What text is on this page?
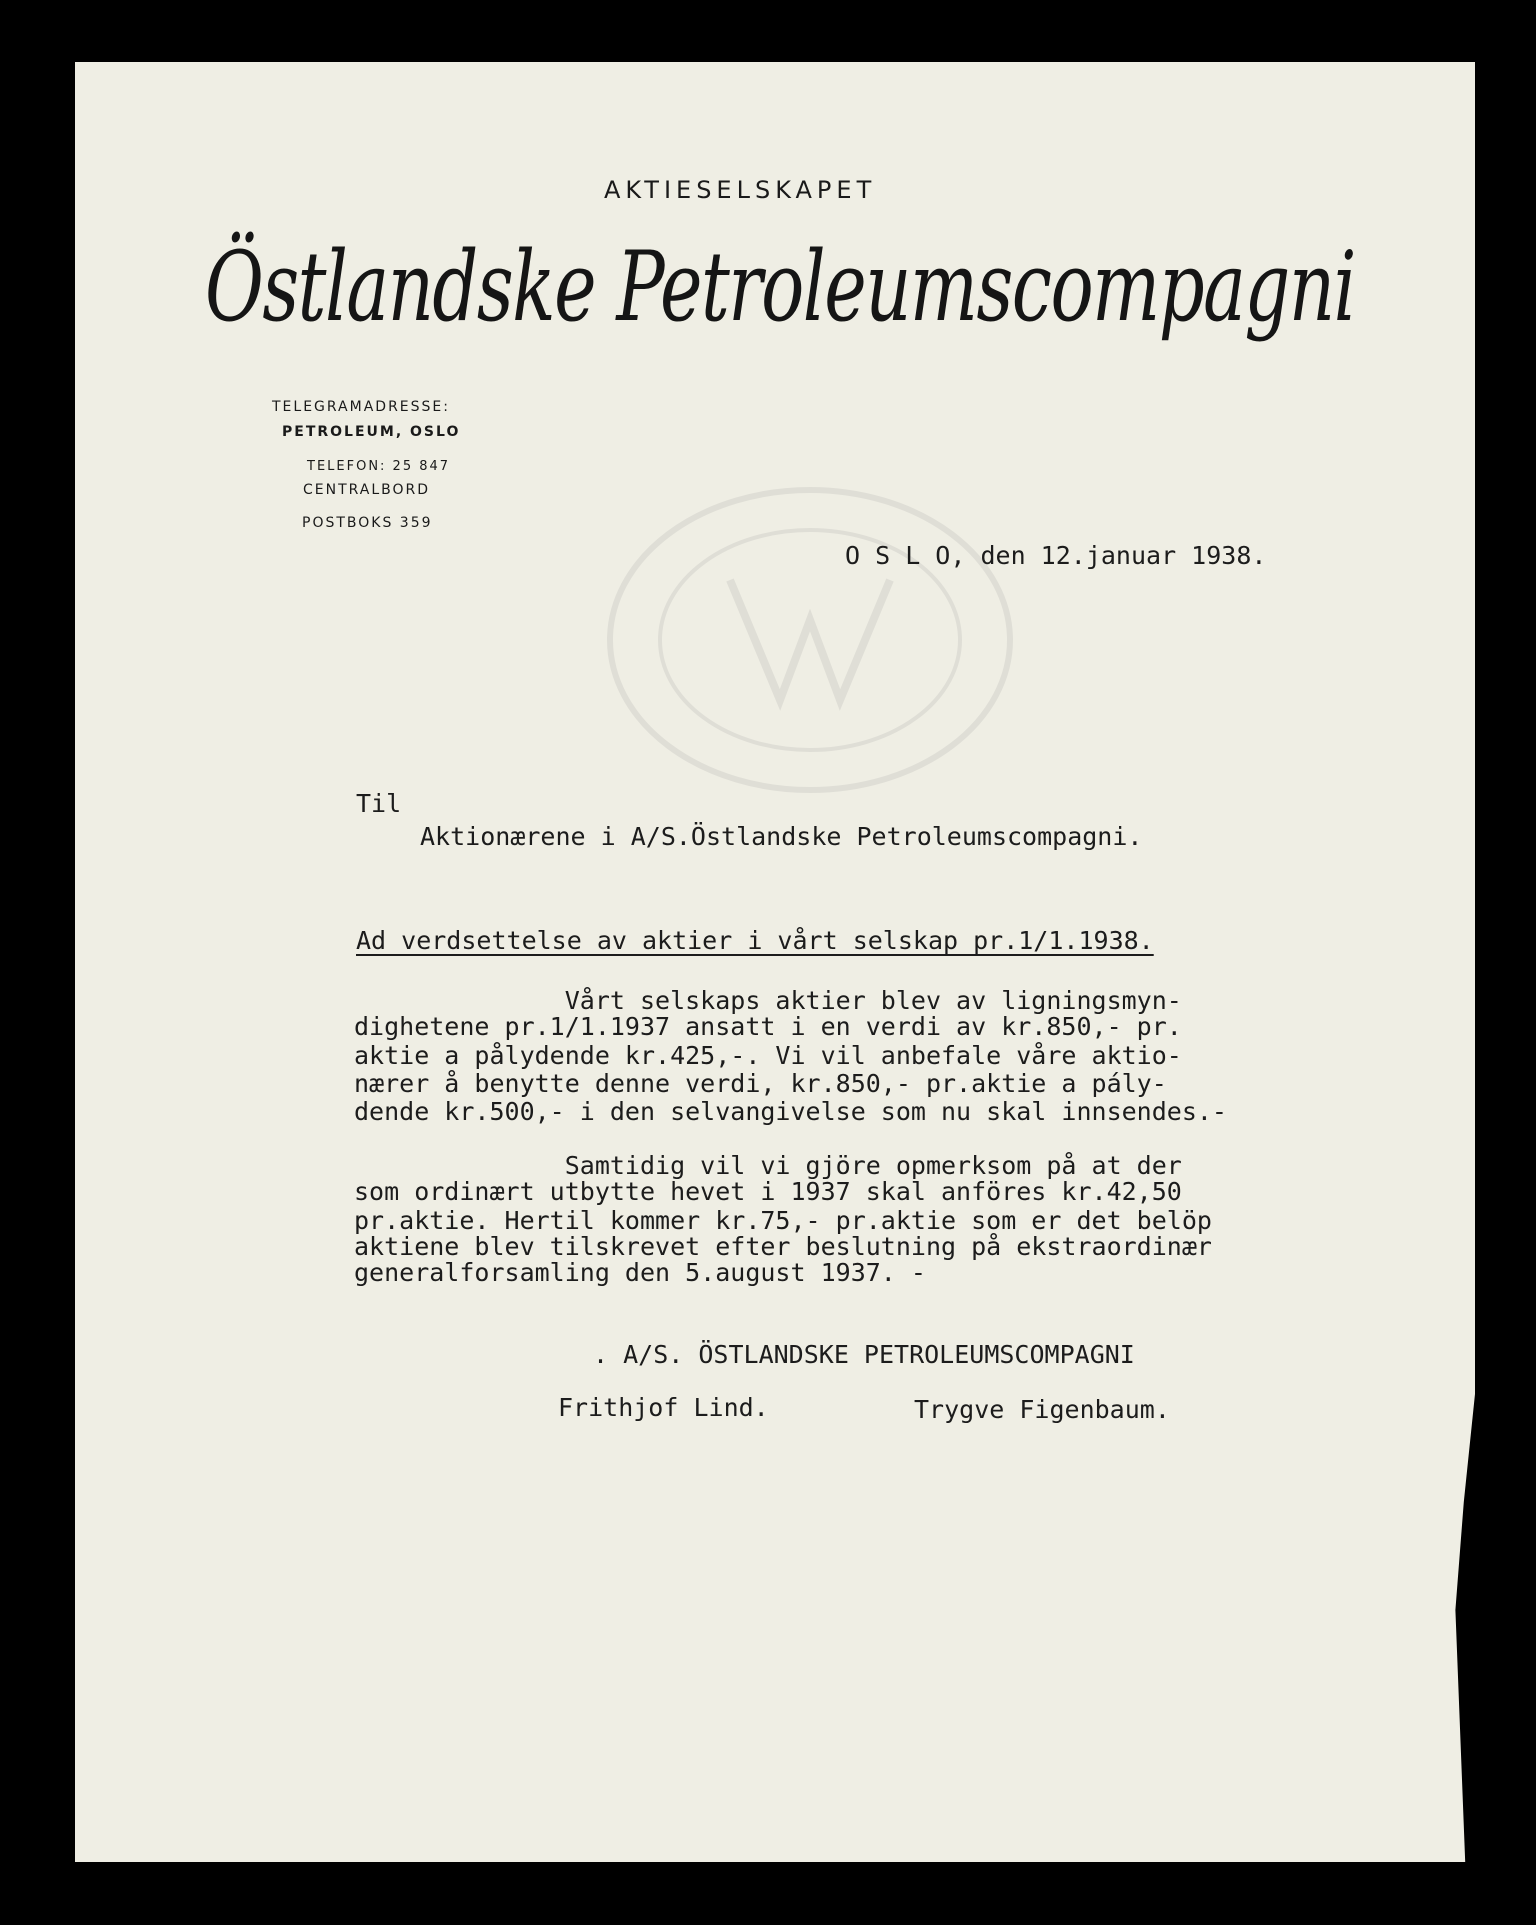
AKTIESELSKAPET
Östlandske Petroleumscompagni
TELEGRAMADRESSE:
PETROLEUM, OSLO
TELEFON: 25 847
CENTRALBORD
POSTBOKS 359
O S L O, den 12.januar 1938.
Til
Aktionærene i A/S.Östlandske Petroleumscompagni.
Ad verdsettelse av aktier i vårt selskap pr.1/1.1938.
Vårt selskaps aktier blev av ligningsmyn-
dighetene pr.1/1.1937 ansatt i en verdi av kr.850,- pr.
aktie a pålydende kr.425,-. Vi vil anbefale våre aktio-
nærer å benytte denne verdi, kr.850,- pr.aktie a pály-
dende kr.500,- i den selvangivelse som nu skal innsendes.-
Samtidig vil vi gjöre opmerksom på at der
som ordinært utbytte hevet i 1937 skal anföres kr.42,50
pr.aktie. Hertil kommer kr.75,- pr.aktie som er det belöp
aktiene blev tilskrevet efter beslutning på ekstraordinær
generalforsamling den 5.august 1937. -
. A/S. ÖSTLANDSKE PETROLEUMSCOMPAGNI
Frithjof Lind.	Trygve Figenbaum.
